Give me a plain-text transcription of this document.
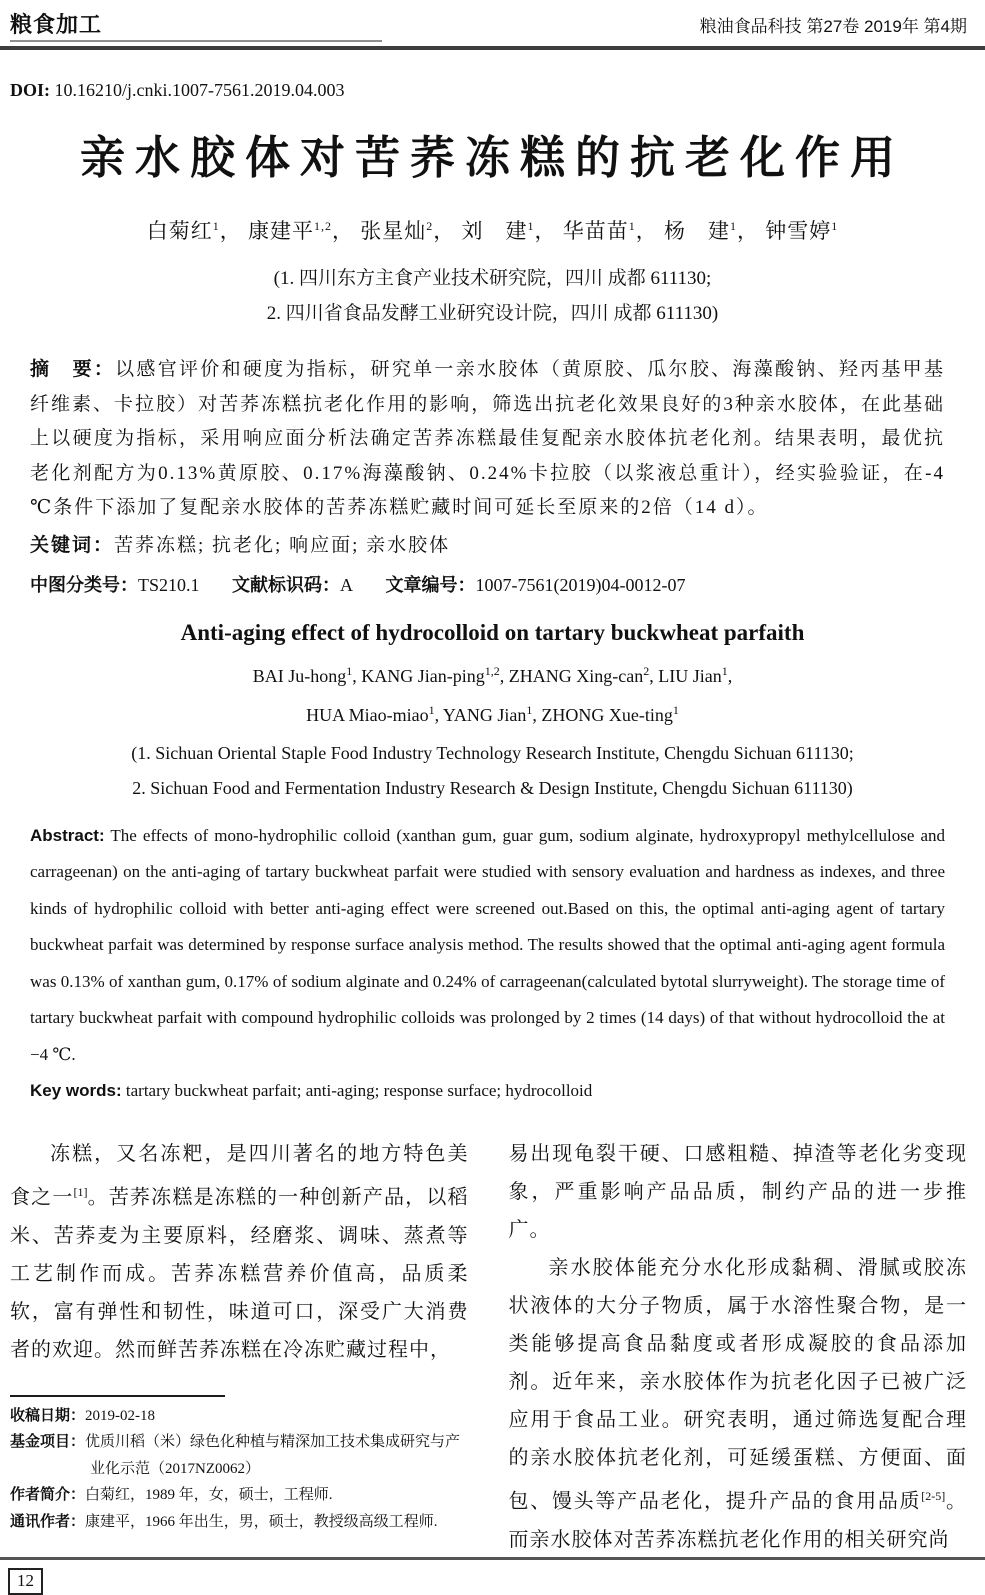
粮食加工	粮油食品科技 第27卷 2019年 第4期
DOI: 10.16210/j.cnki.1007-7561.2019.04.003
亲水胶体对苦荞冻糕的抗老化作用
白菊红$^1$， 康建平$^{1,2}$， 张星灿$^2$， 刘　建$^1$， 华苗苗$^1$， 杨　建$^1$， 钟雪婷$^1$
(1. 四川东方主食产业技术研究院，四川 成都 611130;
2. 四川省食品发酵工业研究设计院，四川 成都 611130)
摘　要：以感官评价和硬度为指标，研究单一亲水胶体（黄原胶、瓜尔胶、海藻酸钠、羟丙基甲基纤维素、卡拉胶）对苦荞冻糕抗老化作用的影响，筛选出抗老化效果良好的3种亲水胶体，在此基础上以硬度为指标，采用响应面分析法确定苦荞冻糕最佳复配亲水胶体抗老化剂。结果表明，最优抗老化剂配方为0.13%黄原胶、0.17%海藻酸钠、0.24%卡拉胶（以浆液总重计），经实验验证，在-4 ℃条件下添加了复配亲水胶体的苦荞冻糕贮藏时间可延长至原来的2倍（14 d）。
关键词：苦荞冻糕; 抗老化; 响应面; 亲水胶体
中图分类号：TS210.1 文献标识码：A 文章编号：1007-7561(2019)04-0012-07
Anti-aging effect of hydrocolloid on tartary buckwheat parfaith
BAI Ju-hong$^1$, KANG Jian-ping$^{1,2}$, ZHANG Xing-can$^2$, LIU Jian$^1$,
HUA Miao-miao$^1$, YANG Jian$^1$, ZHONG Xue-ting$^1$
(1. Sichuan Oriental Staple Food Industry Technology Research Institute, Chengdu Sichuan 611130;
2. Sichuan Food and Fermentation Industry Research & Design Institute, Chengdu Sichuan 611130)
Abstract: The effects of mono-hydrophilic colloid (xanthan gum, guar gum, sodium alginate, hydroxypropyl methylcellulose and carrageenan) on the anti-aging of tartary buckwheat parfait were studied with sensory evaluation and hardness as indexes, and three kinds of hydrophilic colloid with better anti-aging effect were screened out.Based on this, the optimal anti-aging agent of tartary buckwheat parfait was determined by response surface analysis method. The results showed that the optimal anti-aging agent formula was 0.13% of xanthan gum, 0.17% of sodium alginate and 0.24% of carrageenan(calculated bytotal slurryweight). The storage time of tartary buckwheat parfait with compound hydrophilic colloids was prolonged by 2 times (14 days) of that without hydrocolloid the at −4 ℃.
Key words: tartary buckwheat parfait; anti-aging; response surface; hydrocolloid

冻糕，又名冻粑，是四川著名的地方特色美食之一[1]。苦荞冻糕是冻糕的一种创新产品，以稻米、苦荞麦为主要原料，经磨浆、调味、蒸煮等工艺制作而成。苦荞冻糕营养价值高，品质柔软，富有弹性和韧性，味道可口，深受广大消费者的欢迎。然而鲜苦荞冻糕在冷冻贮藏过程中，

收稿日期：2019-02-18
基金项目：优质川稻（米）绿色化种植与精深加工技术集成研究与产业化示范（2017NZ0062）
作者简介：白菊红，1989 年，女，硕士，工程师.
通讯作者：康建平，1966 年出生，男，硕士，教授级高级工程师.

易出现龟裂干硬、口感粗糙、掉渣等老化劣变现象，严重影响产品品质，制约产品的进一步推广。

亲水胶体能充分水化形成黏稠、滑腻或胶冻状液体的大分子物质，属于水溶性聚合物，是一类能够提高食品黏度或者形成凝胶的食品添加剂。近年来，亲水胶体作为抗老化因子已被广泛应用于食品工业。研究表明，通过筛选复配合理的亲水胶体抗老化剂，可延缓蛋糕、方便面、面包、馒头等产品老化，提升产品的食用品质[2-5]。而亲水胶体对苦荞冻糕抗老化作用的相关研究尚

12
